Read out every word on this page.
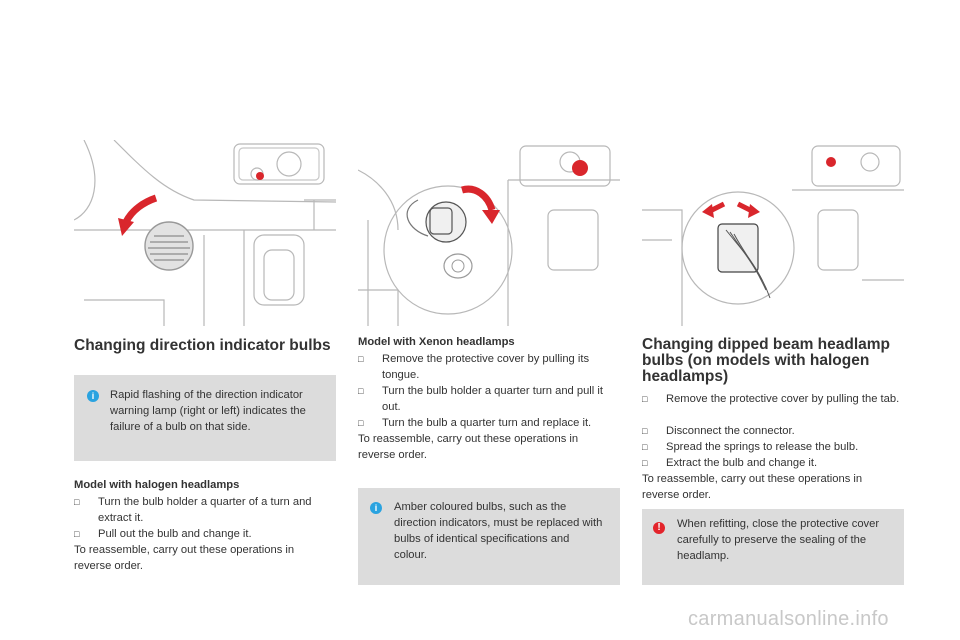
Changing direction indicator bulbs
i	Rapid flashing of the direction indicator warning lamp (right or left) indicates the failure of a bulb on that side.
Model with halogen headlamps
□ Turn the bulb holder a quarter of a turn and extract it.
□ Pull out the bulb and change it.
To reassemble, carry out these operations in reverse order.
Model with Xenon headlamps
□ Remove the protective cover by pulling its tongue.
□ Turn the bulb holder a quarter turn and pull it out.
□ Turn the bulb a quarter turn and replace it.
To reassemble, carry out these operations in reverse order.
i	Amber coloured bulbs, such as the direction indicators, must be replaced with bulbs of identical specifications and colour.
Changing dipped beam headlamp bulbs (on models with halogen headlamps)
□ Remove the protective cover by pulling the tab.
□ Disconnect the connector.
□ Spread the springs to release the bulb.
□ Extract the bulb and change it.
To reassemble, carry out these operations in reverse order.
!	When refitting, close the protective cover carefully to preserve the sealing of the headlamp.
carmanualsonline.info
